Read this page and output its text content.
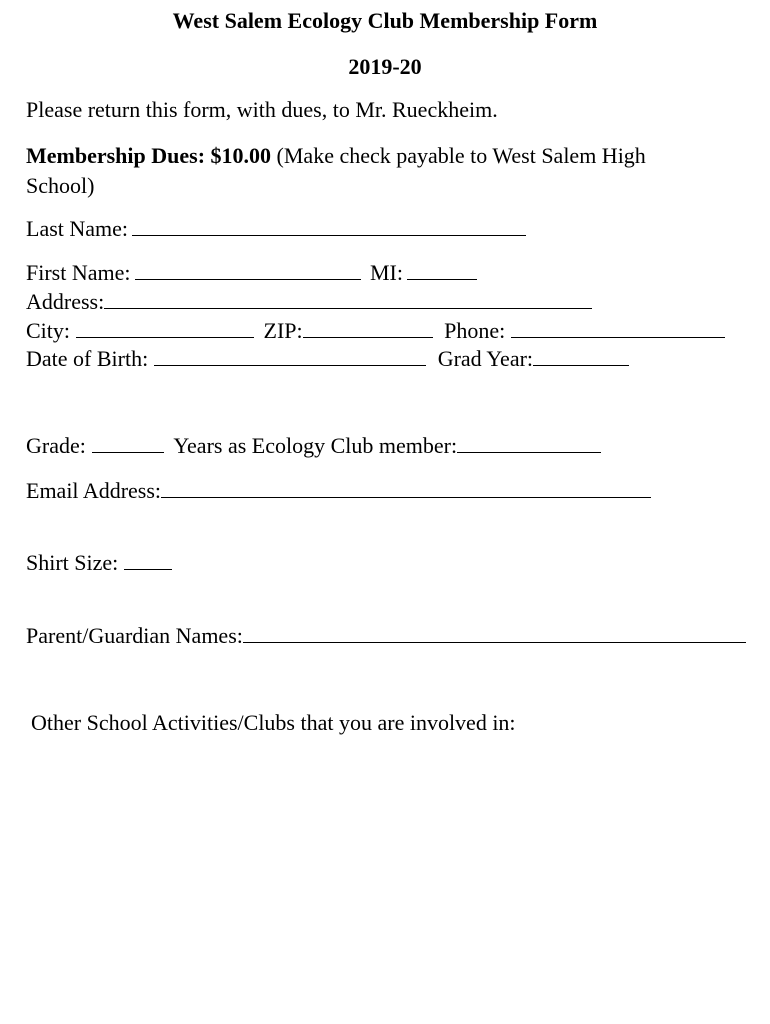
West Salem Ecology Club Membership Form
2019-20
Please return this form, with dues, to Mr. Rueckheim.
Membership Dues: $10.00 (Make check payable to West Salem High
School)
Last Name:
First Name:	MI:
Address:
City:	ZIP:	Phone:
Date of Birth:	Grad Year:
Grade:	Years as Ecology Club member:
Email Address:
Shirt Size:
Parent/Guardian Names:
Other School Activities/Clubs that you are involved in:
